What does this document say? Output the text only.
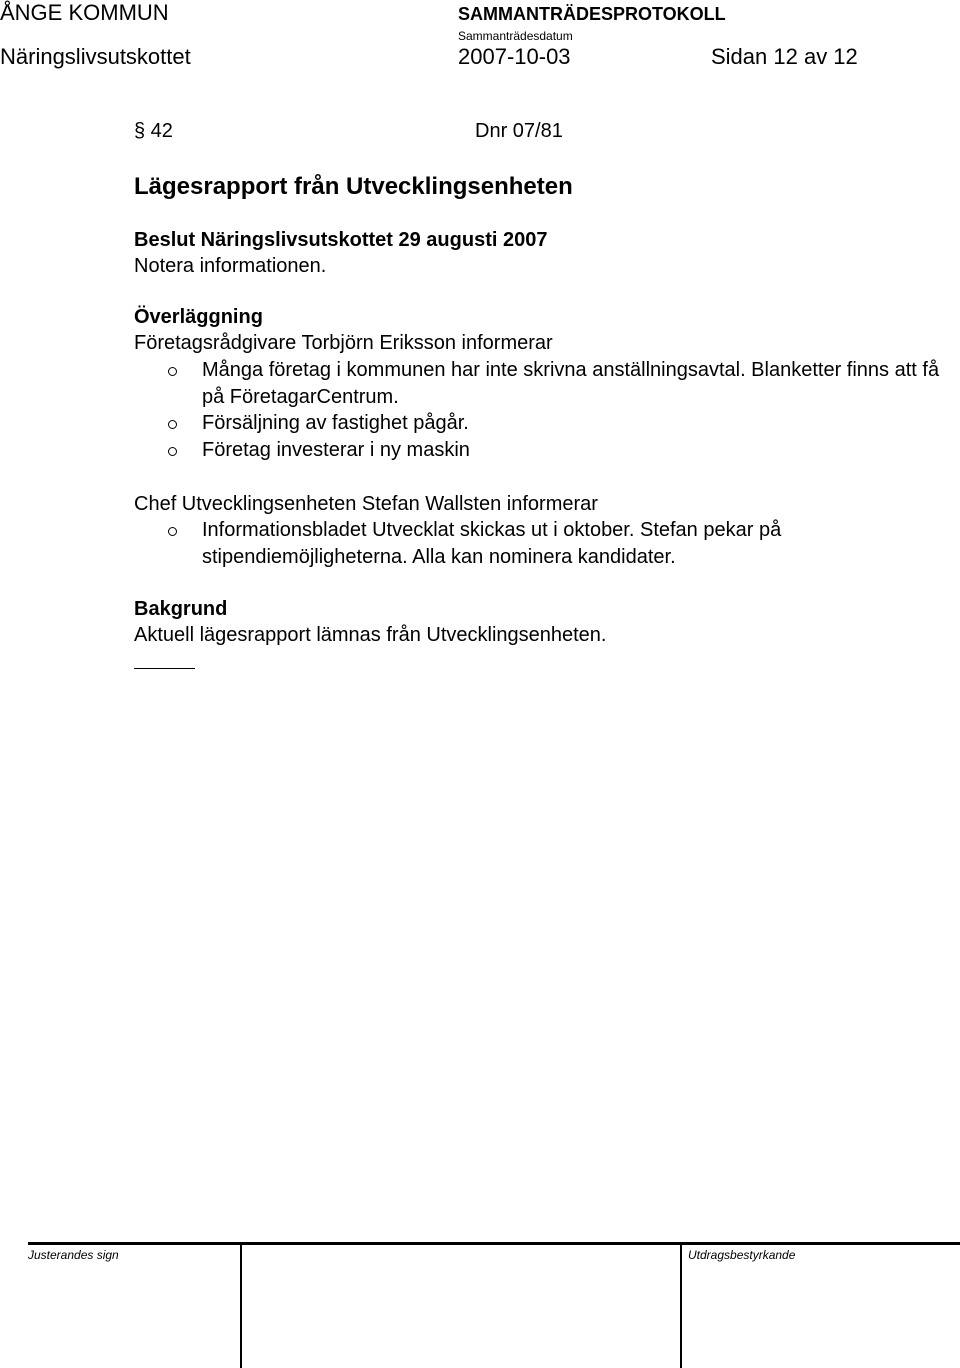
ÅNGE KOMMUN	SAMMANTRÄDESPROTOKOLL
Sammanträdesdatum
Näringslivsutskottet	2007-10-03	Sidan 12 av 12
§ 42	Dnr 07/81
Lägesrapport från Utvecklingsenheten
Beslut Näringslivsutskottet 29 augusti 2007
Notera informationen.
Överläggning
Företagsrådgivare Torbjörn Eriksson informerar
Många företag i kommunen har inte skrivna anställningsavtal. Blanketter finns att få på FöretagarCentrum.
Försäljning av fastighet pågår.
Företag investerar i ny maskin
Chef Utvecklingsenheten Stefan Wallsten informerar
Informationsbladet Utvecklat skickas ut i oktober. Stefan pekar på stipendiemöjligheterna. Alla kan nominera kandidater.
Bakgrund
Aktuell lägesrapport lämnas från Utvecklingsenheten.
Justerandes sign	Utdragsbestyrkande
